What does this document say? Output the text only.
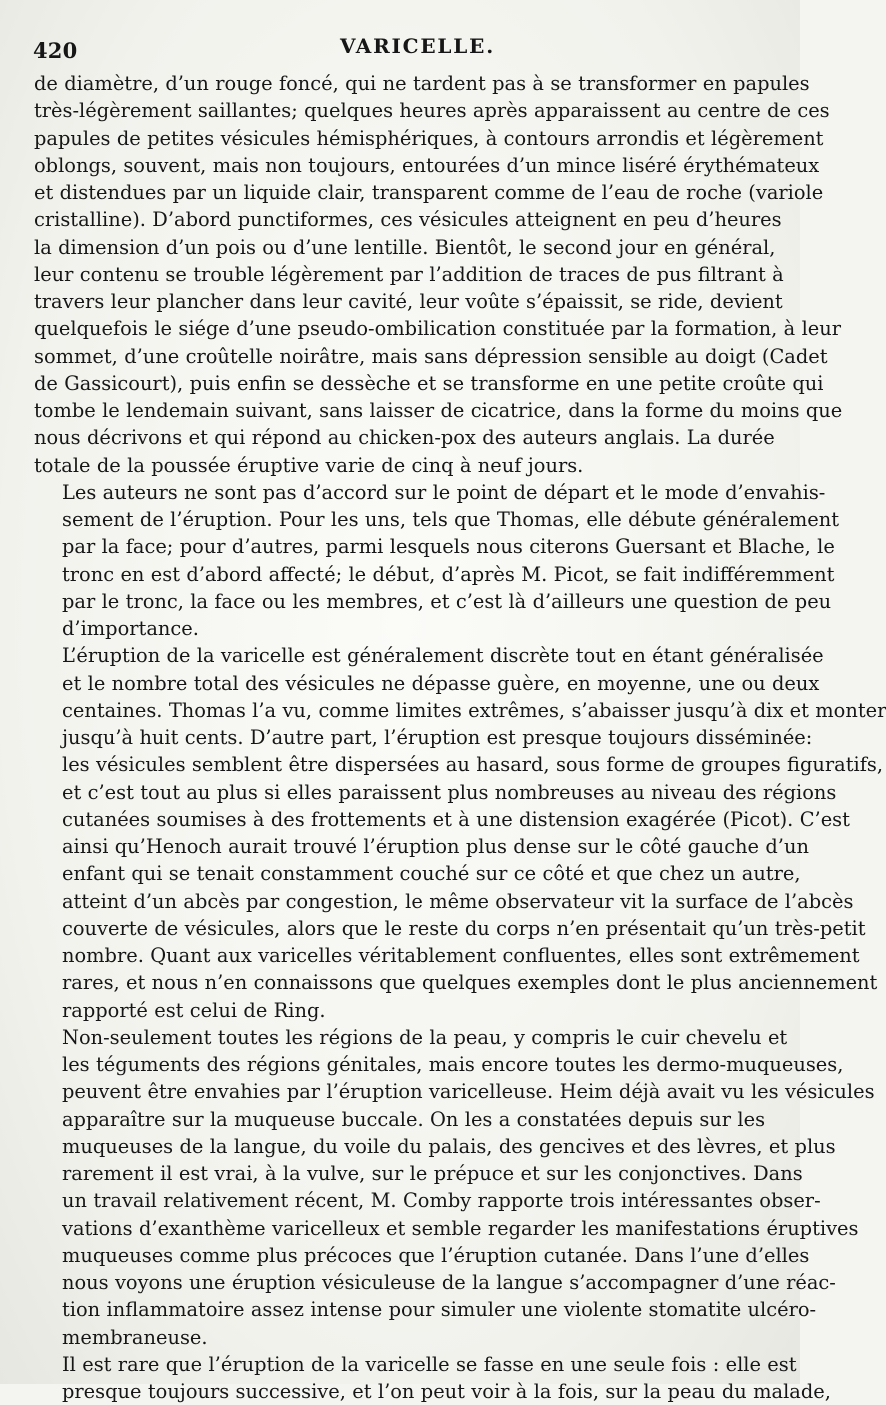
420	VARICELLE.
de diamètre, d’un rouge foncé, qui ne tardent pas à se transformer en papules
très-légèrement saillantes; quelques heures après apparaissent au centre de ces
papules de petites vésicules hémisphériques, à contours arrondis et légèrement
oblongs, souvent, mais non toujours, entourées d’un mince liséré érythémateux
et distendues par un liquide clair, transparent comme de l’eau de roche (variole
cristalline). D’abord punctiformes, ces vésicules atteignent en peu d’heures
la dimension d’un pois ou d’une lentille. Bientôt, le second jour en général,
leur contenu se trouble légèrement par l’addition de traces de pus filtrant à
travers leur plancher dans leur cavité, leur voûte s’épaissit, se ride, devient
quelquefois le siége d’une pseudo-ombilication constituée par la formation, à leur
sommet, d’une croûtelle noirâtre, mais sans dépression sensible au doigt (Cadet
de Gassicourt), puis enfin se dessèche et se transforme en une petite croûte qui
tombe le lendemain suivant, sans laisser de cicatrice, dans la forme du moins que
nous décrivons et qui répond au chicken-pox des auteurs anglais. La durée
totale de la poussée éruptive varie de cinq à neuf jours.
Les auteurs ne sont pas d’accord sur le point de départ et le mode d’envahis-
sement de l’éruption. Pour les uns, tels que Thomas, elle débute généralement
par la face; pour d’autres, parmi lesquels nous citerons Guersant et Blache, le
tronc en est d’abord affecté; le début, d’après M. Picot, se fait indifféremment
par le tronc, la face ou les membres, et c’est là d’ailleurs une question de peu
d’importance.
L’éruption de la varicelle est généralement discrète tout en étant généralisée
et le nombre total des vésicules ne dépasse guère, en moyenne, une ou deux
centaines. Thomas l’a vu, comme limites extrêmes, s’abaisser jusqu’à dix et monter
jusqu’à huit cents. D’autre part, l’éruption est presque toujours disséminée:
les vésicules semblent être dispersées au hasard, sous forme de groupes figuratifs,
et c’est tout au plus si elles paraissent plus nombreuses au niveau des régions
cutanées soumises à des frottements et à une distension exagérée (Picot). C’est
ainsi qu’Henoch aurait trouvé l’éruption plus dense sur le côté gauche d’un
enfant qui se tenait constamment couché sur ce côté et que chez un autre,
atteint d’un abcès par congestion, le même observateur vit la surface de l’abcès
couverte de vésicules, alors que le reste du corps n’en présentait qu’un très-petit
nombre. Quant aux varicelles véritablement confluentes, elles sont extrêmement
rares, et nous n’en connaissons que quelques exemples dont le plus anciennement
rapporté est celui de Ring.
Non-seulement toutes les régions de la peau, y compris le cuir chevelu et
les téguments des régions génitales, mais encore toutes les dermo-muqueuses,
peuvent être envahies par l’éruption varicelleuse. Heim déjà avait vu les vésicules
apparaître sur la muqueuse buccale. On les a constatées depuis sur les
muqueuses de la langue, du voile du palais, des gencives et des lèvres, et plus
rarement il est vrai, à la vulve, sur le prépuce et sur les conjonctives. Dans
un travail relativement récent, M. Comby rapporte trois intéressantes obser-
vations d’exanthème varicelleux et semble regarder les manifestations éruptives
muqueuses comme plus précoces que l’éruption cutanée. Dans l’une d’elles
nous voyons une éruption vésiculeuse de la langue s’accompagner d’une réac-
tion inflammatoire assez intense pour simuler une violente stomatite ulcéro-
membraneuse.
Il est rare que l’éruption de la varicelle se fasse en une seule fois : elle est
presque toujours successive, et l’on peut voir à la fois, sur la peau du malade,
